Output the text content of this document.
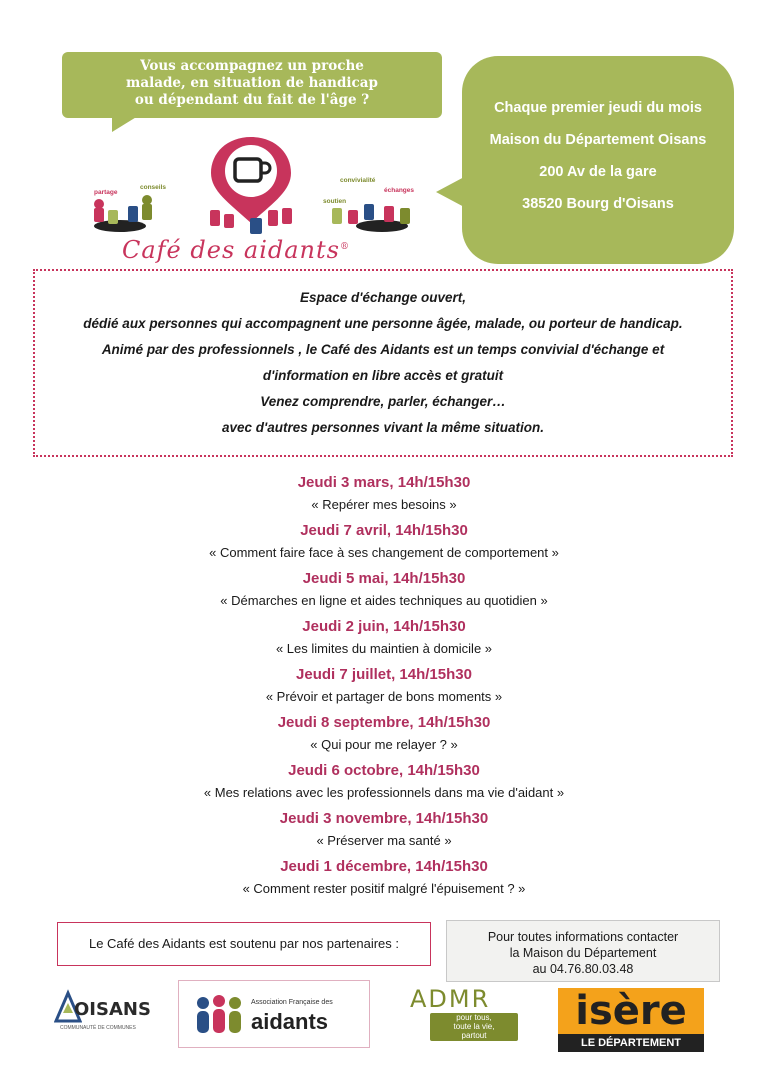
Vous accompagnez un proche
malade, en situation de handicap
ou dépendant du fait de l'âge ?	Chaque premier jeudi du mois
Maison du Département Oisans
200 Av de la gare
38520 Bourg d'Oisans
partage
conseils
convivialité
échanges
soutien
Café des aidants®
Espace d'échange ouvert,
dédié aux personnes qui accompagnent une personne âgée, malade, ou porteur de handicap.
Animé par des professionnels , le Café des Aidants est un temps convivial d'échange et
d'information en libre accès et gratuit
Venez comprendre, parler, échanger…
avec d'autres personnes vivant la même situation.
Jeudi 3 mars, 14h/15h30
« Repérer mes besoins »
Jeudi 7 avril, 14h/15h30
« Comment faire face à ses changement de comportement »
Jeudi 5 mai, 14h/15h30
« Démarches en ligne et aides techniques au quotidien »
Jeudi 2 juin, 14h/15h30
« Les limites du maintien à domicile »
Jeudi 7 juillet, 14h/15h30
« Prévoir et partager de bons moments »
Jeudi 8 septembre, 14h/15h30
« Qui pour me relayer ? »
Jeudi 6 octobre, 14h/15h30
« Mes relations avec les professionnels dans ma vie d'aidant »
Jeudi 3 novembre, 14h/15h30
« Préserver ma santé »
Jeudi 1 décembre, 14h/15h30
« Comment rester positif malgré l'épuisement ? »
Le Café des Aidants est soutenu par nos partenaires :	Pour toutes informations contacter
la Maison du Département
au 04.76.80.03.48
OISANS
COMMUNAUTÉ DE COMMUNES
Association Française des
aidants
ADMR
pour tous,
toute la vie,
partout
isère
LE DÉPARTEMENT
